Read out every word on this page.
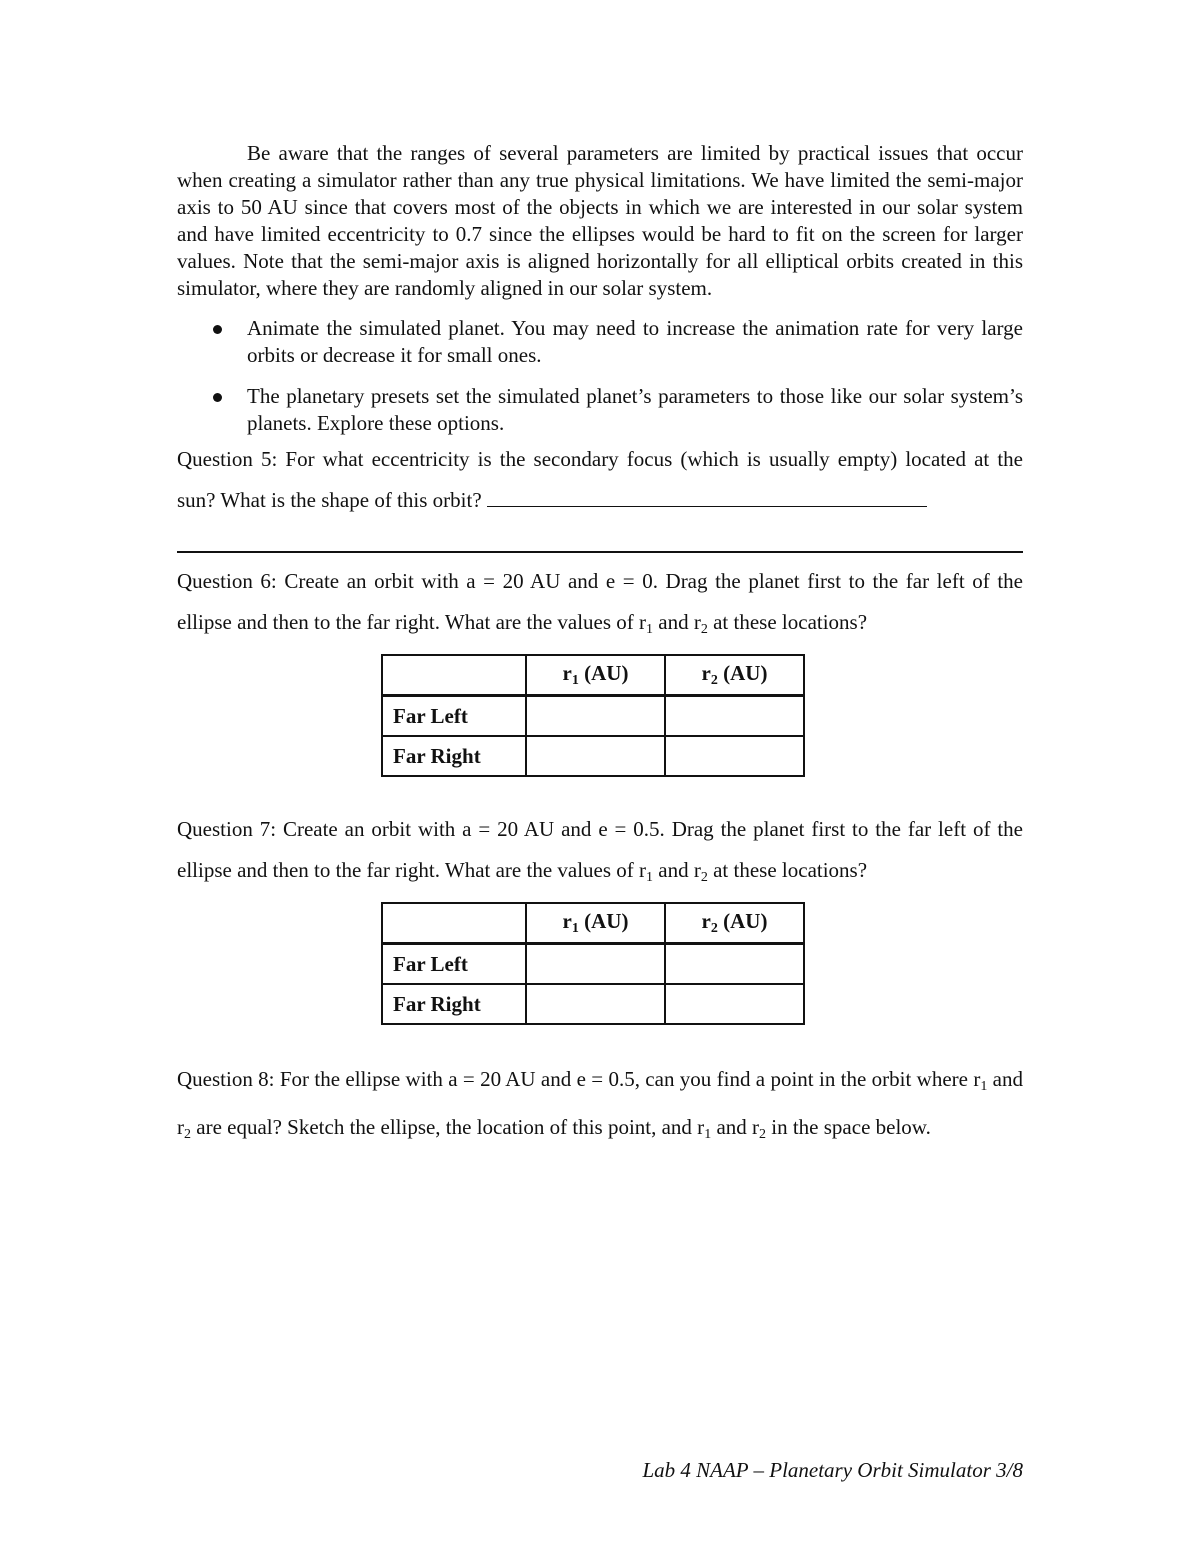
Be aware that the ranges of several parameters are limited by practical issues that occur when creating a simulator rather than any true physical limitations. We have limited the semi-major axis to 50 AU since that covers most of the objects in which we are interested in our solar system and have limited eccentricity to 0.7 since the ellipses would be hard to fit on the screen for larger values. Note that the semi-major axis is aligned horizontally for all elliptical orbits created in this simulator, where they are randomly aligned in our solar system.

Animate the simulated planet. You may need to increase the animation rate for very large orbits or decrease it for small ones.
The planetary presets set the simulated planet’s parameters to those like our solar system’s planets. Explore these options.

Question 5: For what eccentricity is the secondary focus (which is usually empty) located at the sun? What is the shape of this orbit?

Question 6: Create an orbit with a = 20 AU and e = 0. Drag the planet first to the far left of the ellipse and then to the far right. What are the values of $r_1$ and $r_2$ at these locations?

	$r_1$ (AU)	$r_2$ (AU)
Far Left		
Far Right		

Question 7: Create an orbit with a = 20 AU and e = 0.5. Drag the planet first to the far left of the ellipse and then to the far right. What are the values of $r_1$ and $r_2$ at these locations?

	$r_1$ (AU)	$r_2$ (AU)
Far Left		
Far Right		

Question 8: For the ellipse with a = 20 AU and e = 0.5, can you find a point in the orbit where $r_1$ and $r_2$ are equal? Sketch the ellipse, the location of this point, and $r_1$ and $r_2$ in the space below.

Lab 4 NAAP – Planetary Orbit Simulator 3/8
